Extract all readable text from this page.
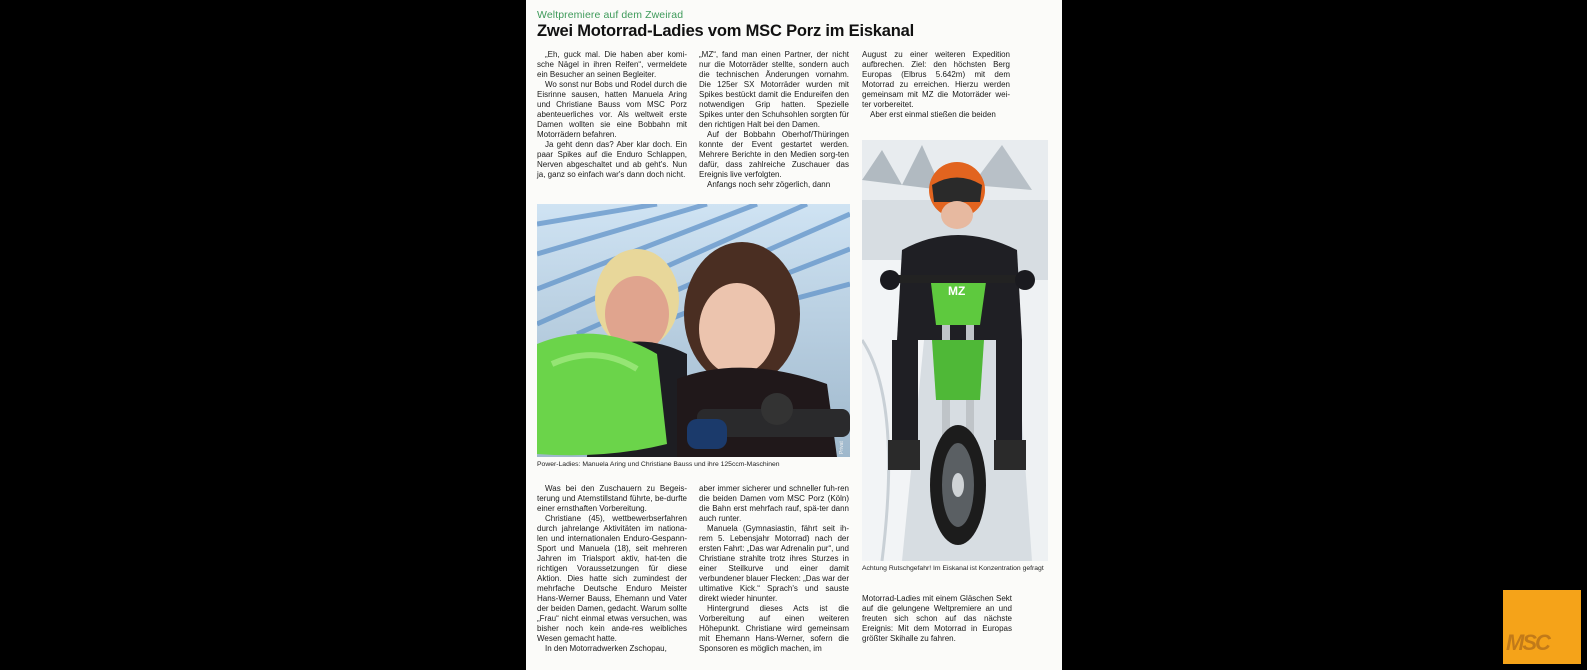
Weltpremiere auf dem Zweirad
Zwei Motorrad-Ladies vom MSC Porz im Eiskanal

„Eh, guck mal. Die haben aber komi-sche Nägel in ihren Reifen“, vermeldete ein Besucher an seinen Begleiter.

Wo sonst nur Bobs und Rodel durch die Eisrinne sausen, hatten Manuela Aring und Christiane Bauss vom MSC Porz abenteuerliches vor. Als weltweit erste Damen wollten sie eine Bobbahn mit Motorrädern befahren.

Ja geht denn das? Aber klar doch. Ein paar Spikes auf die Enduro Schlappen, Nerven abgeschaltet und ab geht's. Nun ja, ganz so einfach war's dann doch nicht.

„MZ“, fand man einen Partner, der nicht nur die Motorräder stellte, sondern auch die technischen Änderungen vornahm. Die 125er SX Motorräder wurden mit Spikes bestückt damit die Endureifen den notwendigen Grip hatten. Spezielle Spikes unter den Schuhsohlen sorgten für den richtigen Halt bei den Damen.

Auf der Bobbahn Oberhof/Thüringen konnte der Event gestartet werden. Mehrere Berichte in den Medien sorg-ten dafür, dass zahlreiche Zuschauer das Ereignis live verfolgten.

Anfangs noch sehr zögerlich, dann

August zu einer weiteren Expedition aufbrechen. Ziel: den höchsten Berg Europas (Elbrus 5.642m) mit dem Motorrad zu erreichen. Hierzu werden gemeinsam mit MZ die Motorräder wei-ter vorbereitet.

Aber erst einmal stießen die beiden

Privat
Power-Ladies: Manuela Aring und Christiane Bauss und ihre 125ccm-Maschinen
MZ
Achtung Rutschgefahr! Im Eiskanal ist Konzentration gefragt

Was bei den Zuschauern zu Begeis-terung und Atemstillstand führte, be-durfte einer ernsthaften Vorbereitung.

Christiane (45), wettbewerbserfahren durch jahrelange Aktivitäten im nationa-len und internationalen Enduro-Gespann-Sport und Manuela (18), seit mehreren Jahren im Trialsport aktiv, hat-ten die richtigen Voraussetzungen für diese Aktion. Dies hatte sich zumindest der mehrfache Deutsche Enduro Meister Hans-Werner Bauss, Ehemann und Vater der beiden Damen, gedacht. Warum sollte „Frau“ nicht einmal etwas versuchen, was bisher noch kein ande-res weibliches Wesen gemacht hatte.

In den Motorradwerken Zschopau,

aber immer sicherer und schneller fuh-ren die beiden Damen vom MSC Porz (Köln) die Bahn erst mehrfach rauf, spä-ter dann auch runter.

Manuela (Gymnasiastin, fährt seit ih-rem 5. Lebensjahr Motorrad) nach der ersten Fahrt: „Das war Adrenalin pur“, und Christiane strahlte trotz ihres Sturzes in einer Steilkurve und einer damit verbundener blauer Flecken: „Das war der ultimative Kick.“ Sprach's und sauste direkt wieder hinunter.

Hintergrund dieses Acts ist die Vorbereitung auf einen weiteren Höhepunkt. Christiane wird gemeinsam mit Ehemann Hans-Werner, sofern die Sponsoren es möglich machen, im

Motorrad-Ladies mit einem Gläschen Sekt auf die gelungene Weltpremiere an und freuten sich schon auf das nächste Ereignis: Mit dem Motorrad in Europas größter Skihalle zu fahren.	MSC
